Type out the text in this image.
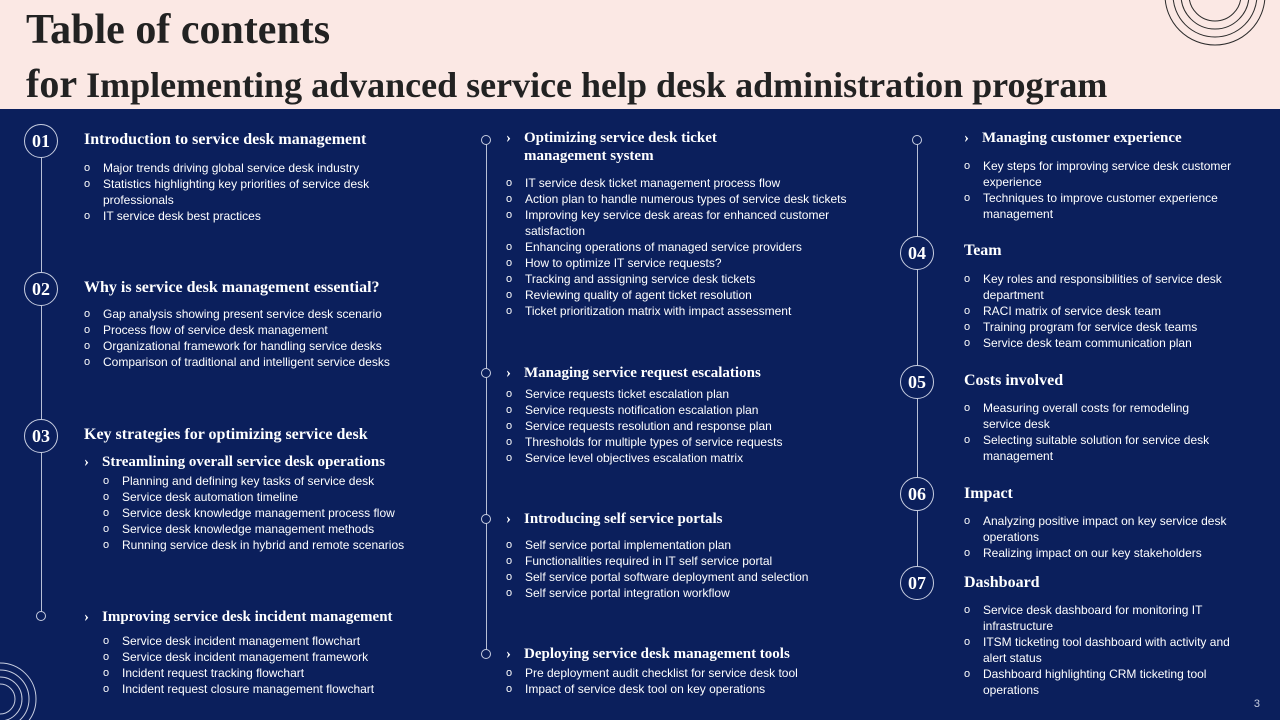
Table of contents
for Implementing advanced service help desk administration program
01	Introduction to service desk management
o Major trends driving global service desk industry
o Statistics highlighting key priorities of service desk professionals
o IT service desk best practices
02	Why is service desk management essential?
o Gap analysis showing present service desk scenario
o Process flow of service desk management
o Organizational framework for handling service desks
o Comparison of traditional and intelligent service desks
03	Key strategies for optimizing service desk
› Streamlining overall service desk operations
o Planning and defining key tasks of service desk
o Service desk automation timeline
o Service desk knowledge management process flow
o Service desk knowledge management methods
o Running service desk in hybrid and remote scenarios
› Improving service desk incident management
o Service desk incident management flowchart
o Service desk incident management framework
o Incident request tracking flowchart
o Incident request closure management flowchart
› Optimizing service desk ticket management system
o IT service desk ticket management process flow
o Action plan to handle numerous types of service desk tickets
o Improving key service desk areas for enhanced customer satisfaction
o Enhancing operations of managed service providers
o How to optimize IT service requests?
o Tracking and assigning service desk tickets
o Reviewing quality of agent ticket resolution
o Ticket prioritization matrix with impact assessment
› Managing service request escalations
o Service requests ticket escalation plan
o Service requests notification escalation plan
o Service requests resolution and response plan
o Thresholds for multiple types of service requests
o Service level objectives escalation matrix
› Introducing self service portals
o Self service portal implementation plan
o Functionalities required in IT self service portal
o Self service portal software deployment and selection
o Self service portal integration workflow
› Deploying service desk management tools
o Pre deployment audit checklist for service desk tool
o Impact of service desk tool on key operations
› Managing customer experience
o Key steps for improving service desk customer experience
o Techniques to improve customer experience management
04	Team
o Key roles and responsibilities of service desk department
o RACI matrix of service desk team
o Training program for service desk teams
o Service desk team communication plan
05	Costs involved
o Measuring overall costs for remodeling service desk
o Selecting suitable solution for service desk management
06	Impact
o Analyzing positive impact on key service desk operations
o Realizing impact on our key stakeholders
07	Dashboard
o Service desk dashboard for monitoring IT infrastructure
o ITSM ticketing tool dashboard with activity and alert status
o Dashboard highlighting CRM ticketing tool operations
3
